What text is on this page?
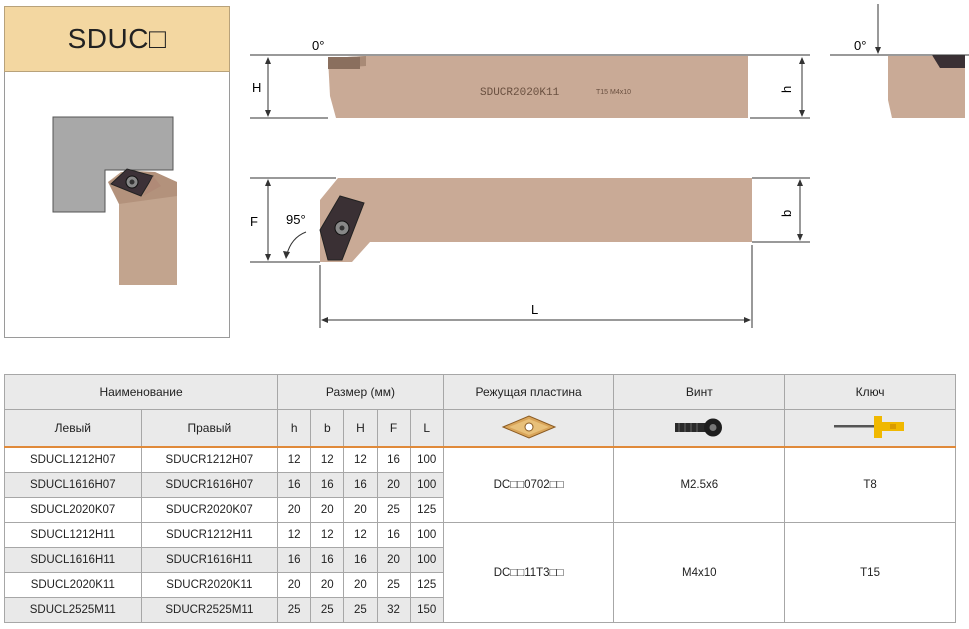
SDUC□
SDUCR2020K11	T15 M4x10
H
0°
h
0°
F 95°	b
L
Наименование		Размер (мм)					Режущая пластина	Винт	Ключ
Левый	Правый	h	b	H	F	L			
SDUCL1212H07	SDUCR1212H07	12	12	12	16	100	DC□□0702□□	M2.5x6	T8
SDUCL1616H07	SDUCR1616H07	16	16	16	20	100			
SDUCL2020K07	SDUCR2020K07	20	20	20	25	125			
SDUCL1212H11	SDUCR1212H11	12	12	12	16	100	DC□□11T3□□	M4x10	T15
SDUCL1616H11	SDUCR1616H11	16	16	16	20	100			
SDUCL2020K11	SDUCR2020K11	20	20	20	25	125			
SDUCL2525M11	SDUCR2525M11	25	25	25	32	150			
